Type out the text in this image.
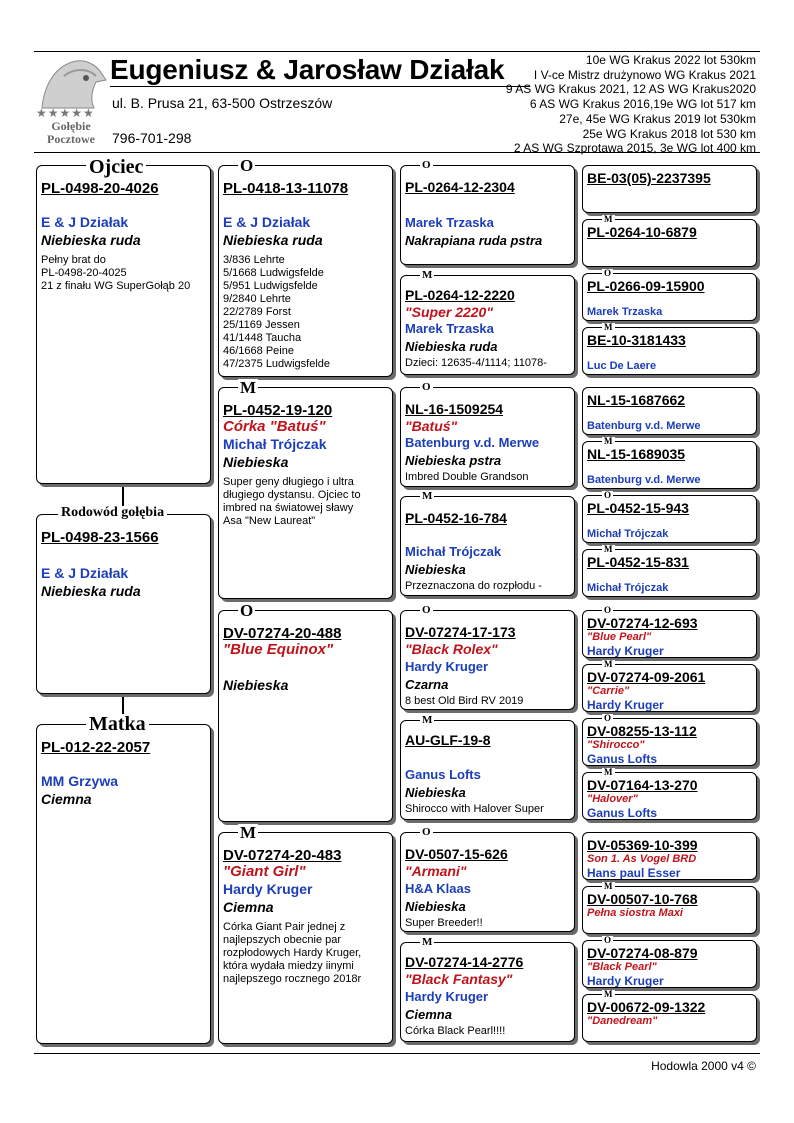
★★★★★
Gołębie Pocztowe
Eugeniusz & Jarosław Działak
ul. B. Prusa 21, 63-500 Ostrzeszów
796-701-298
10e WG Krakus 2022 lot 530km
I V-ce Mistrz drużynowo WG Krakus 2021
9 AS WG Krakus 2021, 12 AS WG Krakus2020
6 AS WG Krakus 2016,19e WG lot 517 km
27e, 45e WG Krakus 2019 lot 530km
25e WG Krakus 2018 lot 530 km
2 AS WG Szprotawa 2015, 3e WG lot 400 km
PL-0498-20-4026
E & J Działak
Niebieska ruda
Pełny brat do
PL-0498-20-4025
21 z finału WG SuperGołąb 20
Ojciec
PL-0498-23-1566
E & J Działak
Niebieska ruda
Rodowód gołębia
PL-012-22-2057
MM Grzywa
Ciemna
Matka
PL-0418-13-11078
E & J Działak
Niebieska ruda
3/836 Lehrte
5/1668 Ludwigsfelde
5/951 Ludwigsfelde
9/2840 Lehrte
22/2789 Forst
25/1169 Jessen
41/1448 Taucha
46/1668 Peine
47/2375 Ludwigsfelde
O
PL-0452-19-120
Córka "Batuś"
Michał Trójczak
Niebieska
Super geny długiego i ultra
długiego dystansu. Ojciec to
imbred na światowej sławy
Asa "New Laureat"
M
DV-07274-20-488
"Blue Equinox"
Niebieska
O
DV-07274-20-483
"Giant Girl"
Hardy Kruger
Ciemna
Córka Giant Pair jednej z
najlepszych obecnie par
rozpłodowych Hardy Kruger,
która wydała miedzy iinymi
najlepszego rocznego 2018r
M
PL-0264-12-2304
Marek Trzaska
Nakrapiana ruda pstra
O
PL-0264-12-2220
"Super 2220"
Marek Trzaska
Niebieska ruda
Dzieci: 12635-4/1114; 11078-
M
NL-16-1509254
"Batuś"
Batenburg v.d. Merwe
Niebieska pstra
Imbred Double Grandson
O
PL-0452-16-784
Michał Trójczak
Niebieska
Przeznaczona do rozpłodu -
M
DV-07274-17-173
"Black Rolex"
Hardy Kruger
Czarna
8 best Old Bird RV 2019
O
AU-GLF-19-8
Ganus Lofts
Niebieska
Shirocco with Halover Super
M
DV-0507-15-626
"Armani"
H&A Klaas
Niebieska
Super Breeder!!
O
DV-07274-14-2776
"Black Fantasy"
Hardy Kruger
Ciemna
Córka Black Pearl!!!!
M
BE-03(05)-2237395
PL-0264-10-6879
M
PL-0266-09-15900
Marek Trzaska
O
BE-10-3181433
Luc De Laere
M
NL-15-1687662
Batenburg v.d. Merwe
NL-15-1689035
Batenburg v.d. Merwe
M
PL-0452-15-943
Michał Trójczak
O
PL-0452-15-831
Michał Trójczak
M
DV-07274-12-693
"Blue Pearl"
Hardy Kruger
O
DV-07274-09-2061
"Carrie"
Hardy Kruger
M
DV-08255-13-112
"Shirocco"
Ganus Lofts
O
DV-07164-13-270
"Halover"
Ganus Lofts
M
DV-05369-10-399
Son 1. As Vogel BRD
Hans paul Esser
DV-00507-10-768
Pełna siostra Maxi
M
DV-07274-08-879
"Black Pearl"
Hardy Kruger
O
DV-00672-09-1322
"Danedream"
M
Hodowla 2000 v4 ©
